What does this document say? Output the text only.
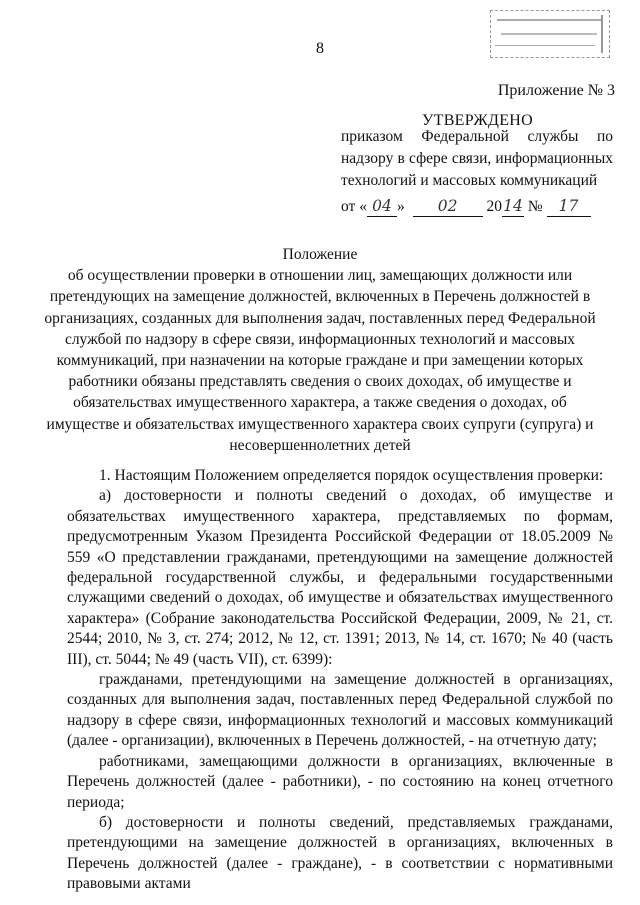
8
Приложение № 3
УТВЕРЖДЕНО
приказом Федеральной службы по
надзору в сфере связи, информационных
технологий и массовых коммуникаций
от « 04 » 02 2014 № 17
Положение
об осуществлении проверки в отношении лиц, замещающих должности или
претендующих на замещение должностей, включенных в Перечень должностей в
организациях, созданных для выполнения задач, поставленных перед Федеральной
службой по надзору в сфере связи, информационных технологий и массовых
коммуникаций, при назначении на которые граждане и при замещении которых
работники обязаны представлять сведения о своих доходах, об имуществе и
обязательствах имущественного характера, а также сведения о доходах, об
имуществе и обязательствах имущественного характера своих супруги (супруга) и
несовершеннолетних детей
1. Настоящим Положением определяется порядок осуществления проверки:
а) достоверности и полноты сведений о доходах, об имуществе и обязательствах имущественного характера, представляемых по формам, предусмотренным Указом Президента Российской Федерации от 18.05.2009 № 559 «О представлении гражданами, претендующими на замещение должностей федеральной государственной службы, и федеральными государственными служащими сведений о доходах, об имуществе и обязательствах имущественного характера» (Собрание законодательства Российской Федерации, 2009, № 21, ст. 2544; 2010, № 3, ст. 274; 2012, № 12, ст. 1391; 2013, № 14, ст. 1670; № 40 (часть III), ст. 5044; № 49 (часть VII), ст. 6399):
гражданами, претендующими на замещение должностей в организациях, созданных для выполнения задач, поставленных перед Федеральной службой по надзору в сфере связи, информационных технологий и массовых коммуникаций (далее - организации), включенных в Перечень должностей, - на отчетную дату;
работниками, замещающими должности в организациях, включенные в Перечень должностей (далее - работники), - по состоянию на конец отчетного периода;
б) достоверности и полноты сведений, представляемых гражданами, претендующими на замещение должностей в организациях, включенных в Перечень должностей (далее - граждане), - в соответствии с нормативными правовыми актами
